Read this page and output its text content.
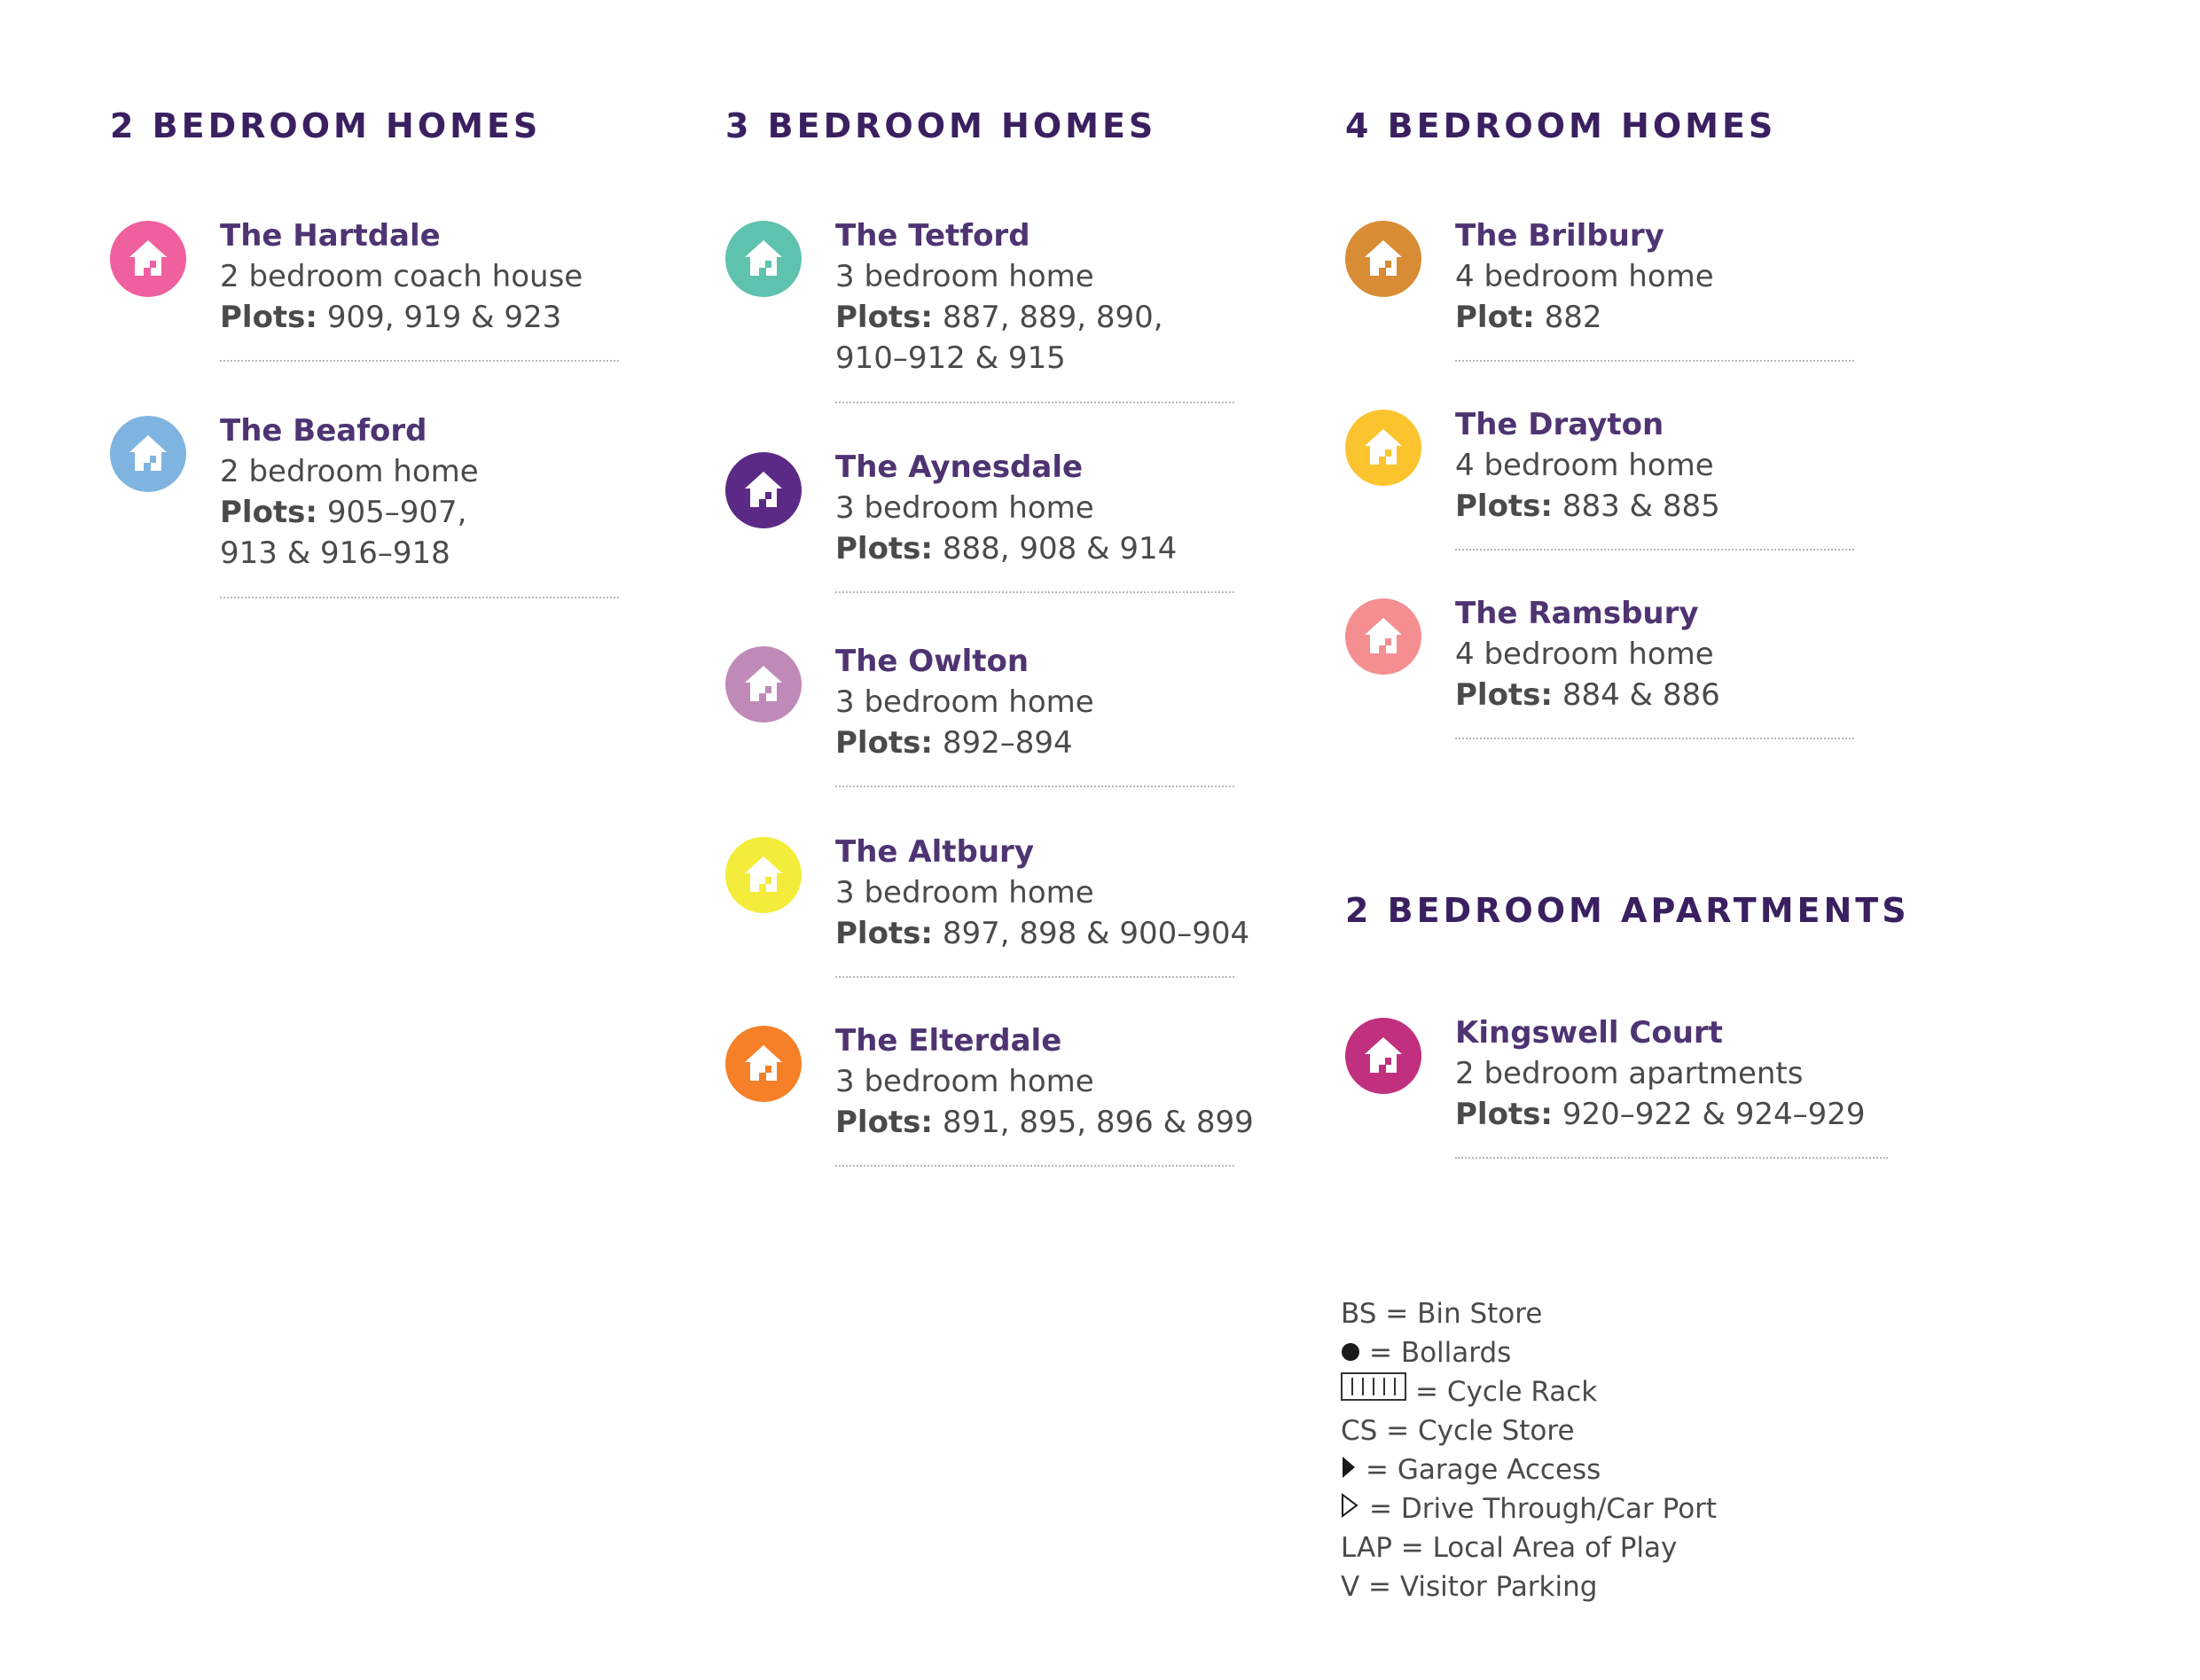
2 BEDROOM HOMES	3 BEDROOM HOMES	4 BEDROOM HOMES
2 BEDROOM APARTMENTS
The Hartdale
2 bedroom coach house
Plots: 909, 919 & 923
The Beaford
2 bedroom home
Plots: 905–907,
913 & 916–918
The Tetford
3 bedroom home
Plots: 887, 889, 890,
910–912 & 915
The Aynesdale
3 bedroom home
Plots: 888, 908 & 914
The Owlton
3 bedroom home
Plots: 892–894
The Altbury
3 bedroom home
Plots: 897, 898 & 900–904
The Elterdale
3 bedroom home
Plots: 891, 895, 896 & 899
The Brilbury
4 bedroom home
Plot: 882
The Drayton
4 bedroom home
Plots: 883 & 885
The Ramsbury
4 bedroom home
Plots: 884 & 886
Kingswell Court
2 bedroom apartments
Plots: 920–922 & 924–929
BS = Bin Store
= Bollards
= Cycle Rack
CS = Cycle Store
= Garage Access
= Drive Through/Car Port
LAP = Local Area of Play
V = Visitor Parking
